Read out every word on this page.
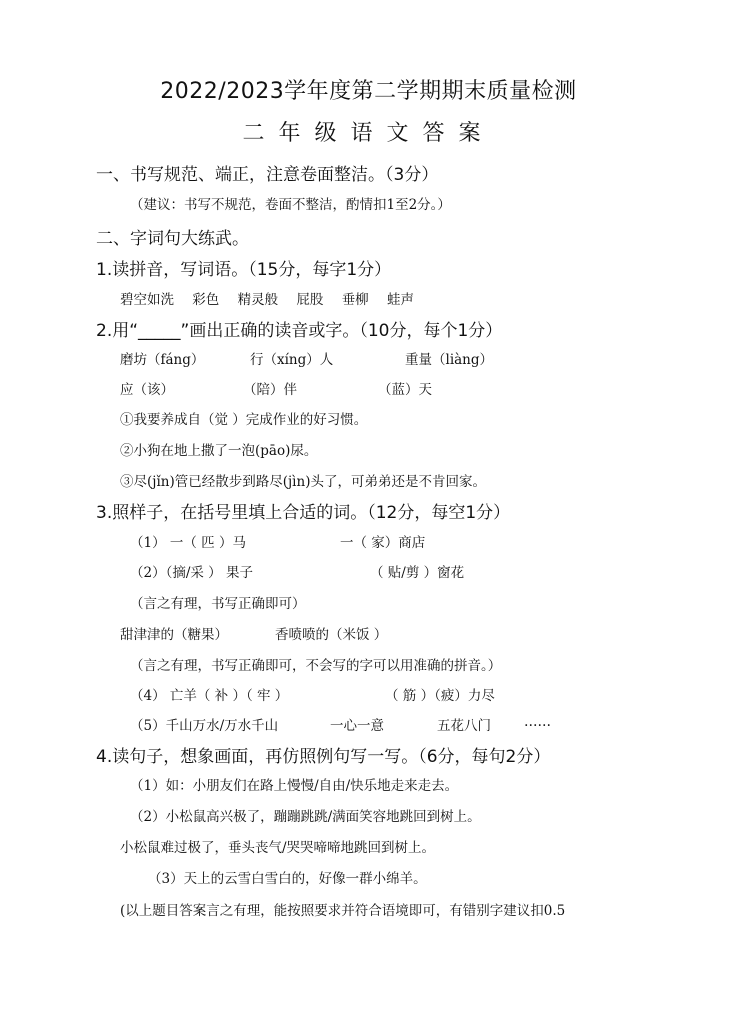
2022/2023学年度第二学期期末质量检测
二年级语文答案
一、书写规范、端正，注意卷面整洁。（3分）
（建议：书写不规范，卷面不整洁，酌情扣1至2分。）
二、字词句大练武。
1.读拼音，写词语。（15分，每字1分）
碧空如洗 彩色 精灵般 屁股 垂柳 蛙声
2.用“_____”画出正确的读音或字。（10分，每个1分）
磨坊（fáng）	行（xíng）人	重量（liàng）
应（该）	（陪）伴	（蓝）天
①我要养成自（觉 ）完成作业的好习惯。
②小狗在地上撒了一泡(pāo)尿。
③尽(jǐn)管已经散步到路尽(jìn)头了，可弟弟还是不肯回家。
3.照样子，在括号里填上合适的词。（12分，每空1分）
（1） 一（ 匹 ）马	一（ 家）商店
（2）（摘/采 ） 果子	（ 贴/剪 ）窗花
（言之有理，书写正确即可）
甜津津的（糖果）	香喷喷的（米饭 ）
（言之有理，书写正确即可，不会写的字可以用准确的拼音。）
（4） 亡羊（ 补 ）（ 牢 ）	（ 筋 ）（疲）力尽
（5）千山万水/万水千山	一心一意	五花八门 ……
4.读句子，想象画面，再仿照例句写一写。（6分，每句2分）
（1）如：小朋友们在路上慢慢/自由/快乐地走来走去。
（2）小松鼠高兴极了，蹦蹦跳跳/满面笑容地跳回到树上。
小松鼠难过极了，垂头丧气/哭哭啼啼地跳回到树上。
（3）天上的云雪白雪白的，好像一群小绵羊。
(以上题目答案言之有理，能按照要求并符合语境即可，有错别字建议扣0.5
